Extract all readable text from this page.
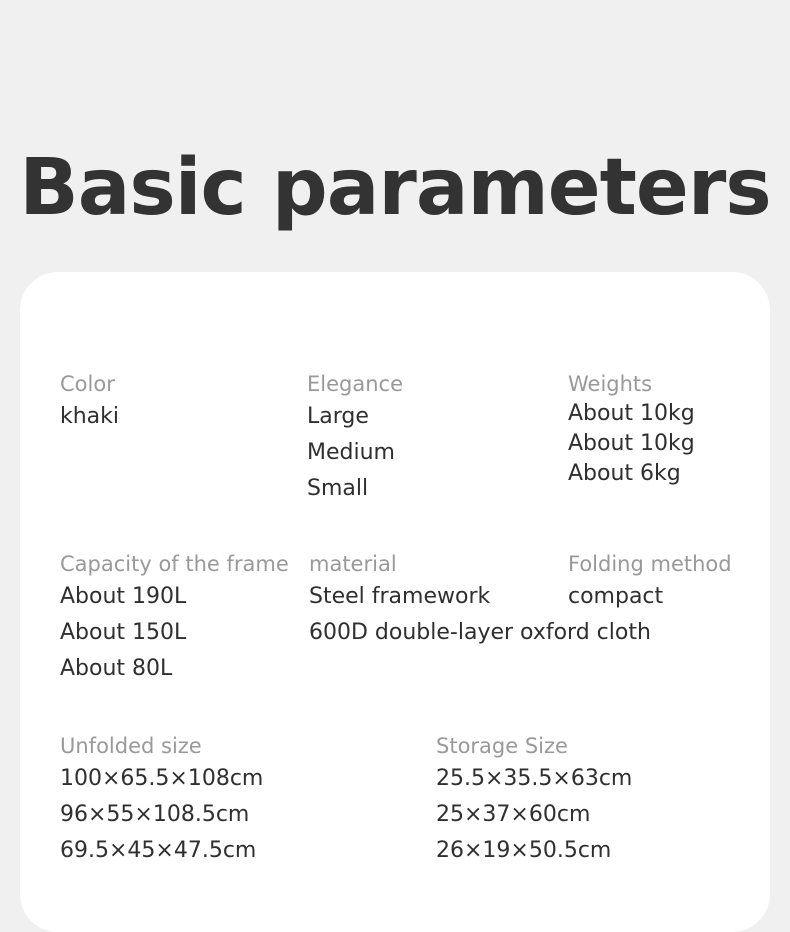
Basic parameters
Color
khaki
Elegance
Large
Medium
Small
Weights
About 10kg
About 10kg
About 6kg
Capacity of the frame
About 190L
About 150L
About 80L
material
Steel framework
600D double-layer oxford cloth
Folding method
compact
Unfolded size
100×65.5×108cm
96×55×108.5cm
69.5×45×47.5cm
Storage Size
25.5×35.5×63cm
25×37×60cm
26×19×50.5cm
